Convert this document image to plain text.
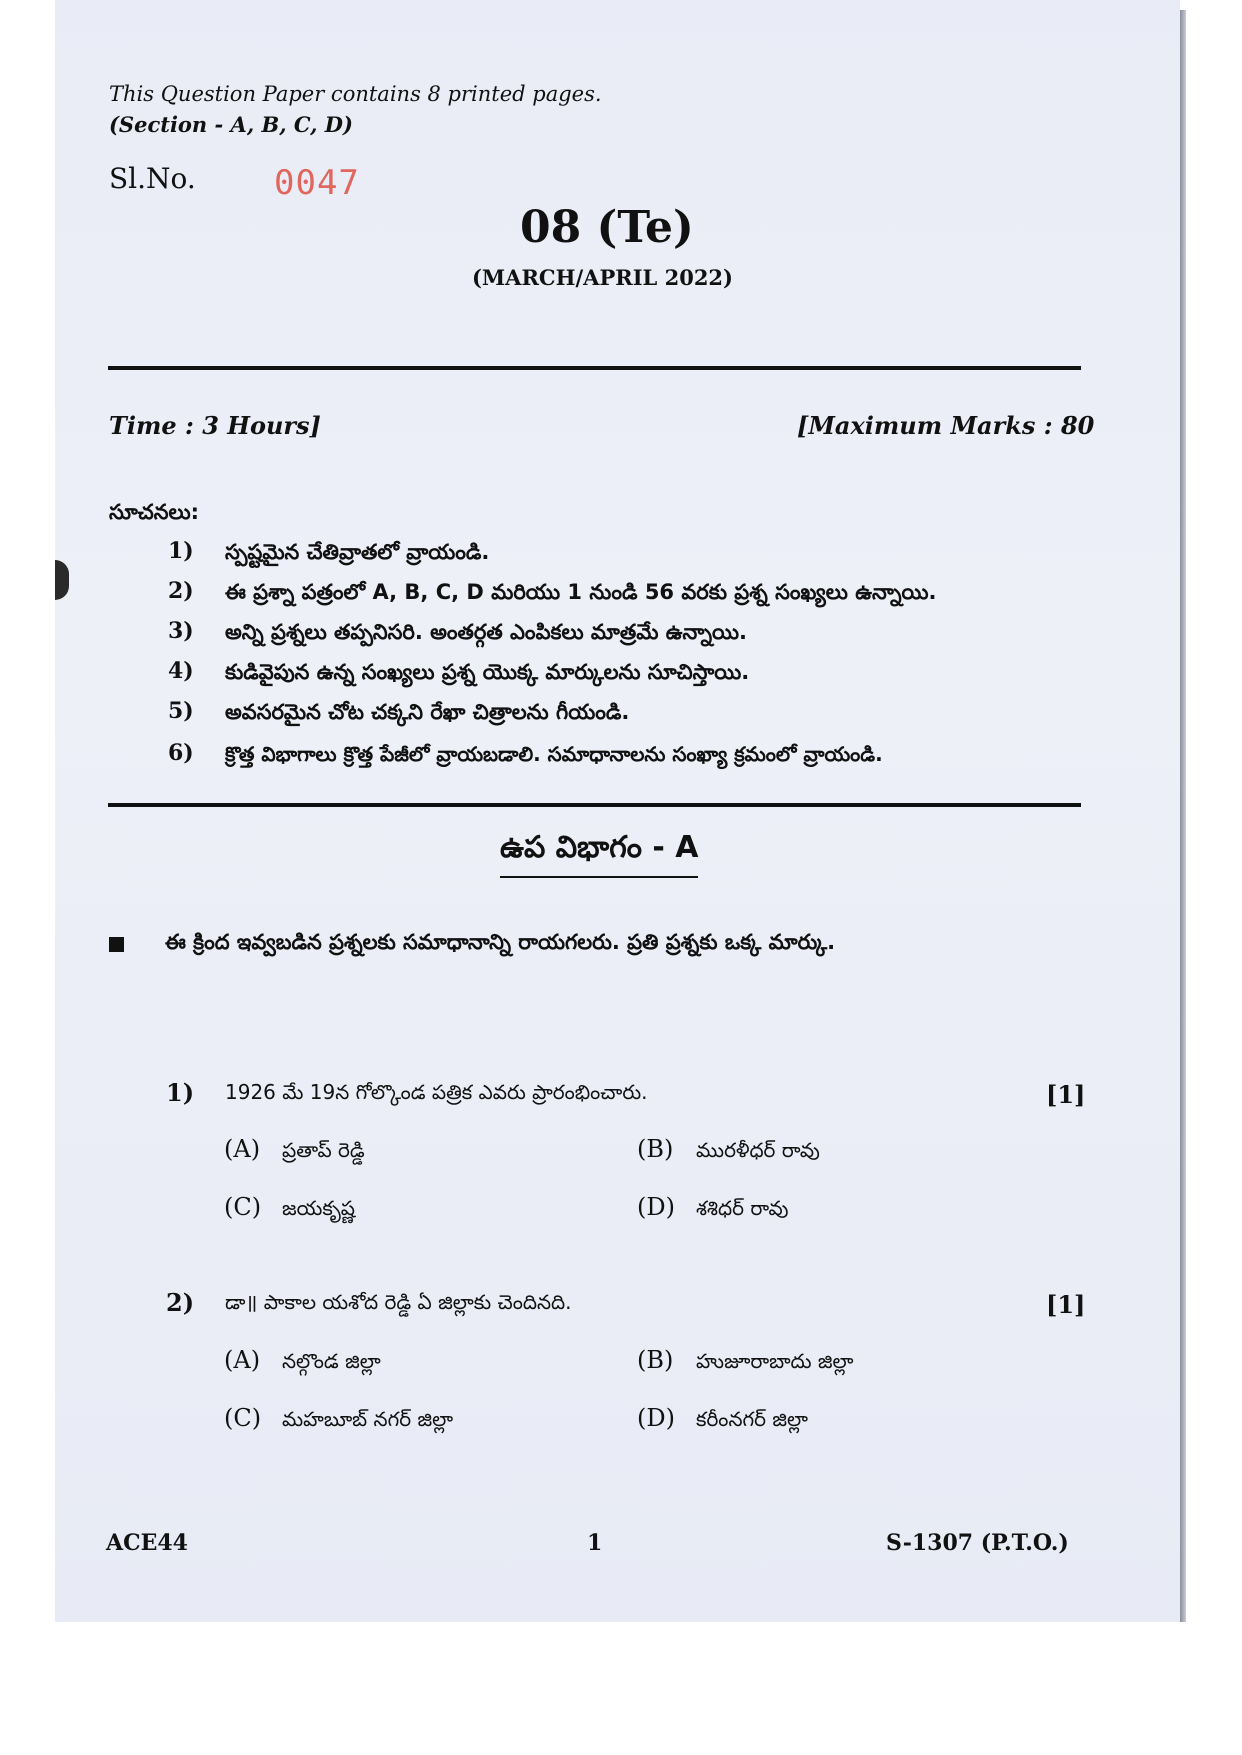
This Question Paper contains 8 printed pages.
(Section - A, B, C, D)
Sl.No. 0047
08 (Te)
(MARCH/APRIL 2022)
Time : 3 Hours]	[Maximum Marks : 80
సూచనలు:
1) స్పష్టమైన చేతివ్రాతలో వ్రాయండి.
2) ఈ ప్రశ్నా పత్రంలో A, B, C, D మరియు 1 నుండి 56 వరకు ప్రశ్న సంఖ్యలు ఉన్నాయి.
3) అన్ని ప్రశ్నలు తప్పనిసరి. అంతర్గత ఎంపికలు మాత్రమే ఉన్నాయి.
4) కుడివైపున ఉన్న సంఖ్యలు ప్రశ్న యొక్క మార్కులను సూచిస్తాయి.
5) అవసరమైన చోట చక్కని రేఖా చిత్రాలను గీయండి.
6) క్రొత్త విభాగాలు క్రొత్త పేజీలో వ్రాయబడాలి. సమాధానాలను సంఖ్యా క్రమంలో వ్రాయండి.
ఉప విభాగం - A
ఈ క్రింద ఇవ్వబడిన ప్రశ్నలకు సమాధానాన్ని రాయగలరు. ప్రతి ప్రశ్నకు ఒక్క మార్కు.
1) 1926 మే 19న గోల్కొండ పత్రిక ఎవరు ప్రారంభించారు.	[1]
(A) ప్రతాప్ రెడ్డి	(B) మురళీధర్ రావు
(C) జయకృష్ణ	(D) శశిధర్ రావు
2) డా॥ పాకాల యశోద రెడ్డి ఏ జిల్లాకు చెందినది.	[1]
(A) నల్గొండ జిల్లా	(B) హుజూరాబాదు జిల్లా
(C) మహబూబ్ నగర్ జిల్లా	(D) కరీంనగర్ జిల్లా
ACE44	1	S-1307 (P.T.O.)
